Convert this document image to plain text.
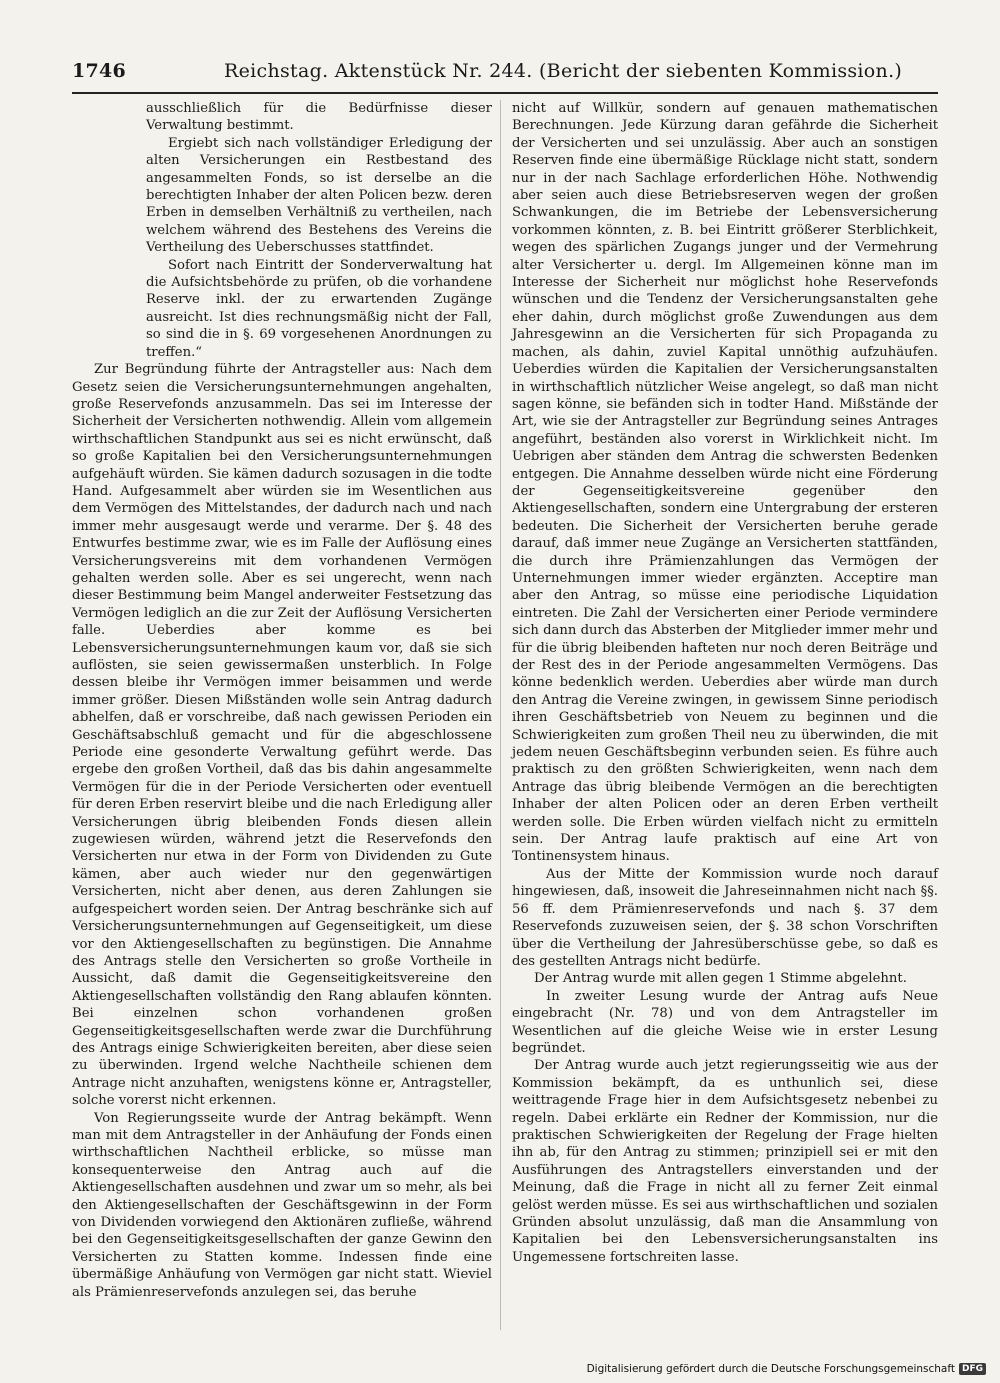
1746	Reichstag. Aktenstück Nr. 244. (Bericht der siebenten Kommission.)

ausschließlich für die Bedürfnisse dieser Verwaltung bestimmt.

Ergiebt sich nach vollständiger Erledigung der alten Versicherungen ein Restbestand des angesammelten Fonds, so ist derselbe an die berechtigten Inhaber der alten Policen bezw. deren Erben in demselben Verhältniß zu vertheilen, nach welchem während des Bestehens des Vereins die Vertheilung des Ueberschusses stattfindet.

Sofort nach Eintritt der Sonderverwaltung hat die Aufsichtsbehörde zu prüfen, ob die vorhandene Reserve inkl. der zu erwartenden Zugänge ausreicht. Ist dies rechnungsmäßig nicht der Fall, so sind die in §. 69 vorgesehenen Anordnungen zu treffen.“

Zur Begründung führte der Antragsteller aus: Nach dem Gesetz seien die Versicherungsunternehmungen angehalten, große Reservefonds anzusammeln. Das sei im Interesse der Sicherheit der Versicherten nothwendig. Allein vom allgemein wirthschaftlichen Standpunkt aus sei es nicht erwünscht, daß so große Kapitalien bei den Versicherungsunternehmungen aufgehäuft würden. Sie kämen dadurch sozusagen in die todte Hand. Aufgesammelt aber würden sie im Wesentlichen aus dem Vermögen des Mittelstandes, der dadurch nach und nach immer mehr ausgesaugt werde und verarme. Der §. 48 des Entwurfes bestimme zwar, wie es im Falle der Auflösung eines Versicherungsvereins mit dem vorhandenen Vermögen gehalten werden solle. Aber es sei ungerecht, wenn nach dieser Bestimmung beim Mangel anderweiter Festsetzung das Vermögen lediglich an die zur Zeit der Auflösung Versicherten falle. Ueberdies aber komme es bei Lebensversicherungsunternehmungen kaum vor, daß sie sich auflösten, sie seien gewissermaßen unsterblich. In Folge dessen bleibe ihr Vermögen immer beisammen und werde immer größer. Diesen Mißständen wolle sein Antrag dadurch abhelfen, daß er vorschreibe, daß nach gewissen Perioden ein Geschäftsabschluß gemacht und für die abgeschlossene Periode eine gesonderte Verwaltung geführt werde. Das ergebe den großen Vortheil, daß das bis dahin angesammelte Vermögen für die in der Periode Versicherten oder eventuell für deren Erben reservirt bleibe und die nach Erledigung aller Versicherungen übrig bleibenden Fonds diesen allein zugewiesen würden, während jetzt die Reservefonds den Versicherten nur etwa in der Form von Dividenden zu Gute kämen, aber auch wieder nur den gegenwärtigen Versicherten, nicht aber denen, aus deren Zahlungen sie aufgespeichert worden seien. Der Antrag beschränke sich auf Versicherungsunternehmungen auf Gegenseitigkeit, um diese vor den Aktiengesellschaften zu begünstigen. Die Annahme des Antrags stelle den Versicherten so große Vortheile in Aussicht, daß damit die Gegenseitigkeitsvereine den Aktiengesellschaften vollständig den Rang ablaufen könnten. Bei einzelnen schon vorhandenen großen Gegenseitigkeitsgesellschaften werde zwar die Durchführung des Antrags einige Schwierigkeiten bereiten, aber diese seien zu überwinden. Irgend welche Nachtheile schienen dem Antrage nicht anzuhaften, wenigstens könne er, Antragsteller, solche vorerst nicht erkennen.

Von Regierungsseite wurde der Antrag bekämpft. Wenn man mit dem Antragsteller in der Anhäufung der Fonds einen wirthschaftlichen Nachtheil erblicke, so müsse man konsequenterweise den Antrag auch auf die Aktiengesellschaften ausdehnen und zwar um so mehr, als bei den Aktiengesellschaften der Geschäftsgewinn in der Form von Dividenden vorwiegend den Aktionären zufließe, während bei den Gegenseitigkeitsgesellschaften der ganze Gewinn den Versicherten zu Statten komme. Indessen finde eine übermäßige Anhäufung von Vermögen gar nicht statt. Wieviel als Prämienreservefonds anzulegen sei, das beruhe

nicht auf Willkür, sondern auf genauen mathematischen Berechnungen. Jede Kürzung daran gefährde die Sicherheit der Versicherten und sei unzulässig. Aber auch an sonstigen Reserven finde eine übermäßige Rücklage nicht statt, sondern nur in der nach Sachlage erforderlichen Höhe. Nothwendig aber seien auch diese Betriebsreserven wegen der großen Schwankungen, die im Betriebe der Lebensversicherung vorkommen könnten, z. B. bei Eintritt größerer Sterblichkeit, wegen des spärlichen Zugangs junger und der Vermehrung alter Versicherter u. dergl. Im Allgemeinen könne man im Interesse der Sicherheit nur möglichst hohe Reservefonds wünschen und die Tendenz der Versicherungsanstalten gehe eher dahin, durch möglichst große Zuwendungen aus dem Jahresgewinn an die Versicherten für sich Propaganda zu machen, als dahin, zuviel Kapital unnöthig aufzuhäufen. Ueberdies würden die Kapitalien der Versicherungsanstalten in wirthschaftlich nützlicher Weise angelegt, so daß man nicht sagen könne, sie befänden sich in todter Hand. Mißstände der Art, wie sie der Antragsteller zur Begründung seines Antrages angeführt, beständen also vorerst in Wirklichkeit nicht. Im Uebrigen aber ständen dem Antrag die schwersten Bedenken entgegen. Die Annahme desselben würde nicht eine Förderung der Gegenseitigkeitsvereine gegenüber den Aktiengesellschaften, sondern eine Untergrabung der ersteren bedeuten. Die Sicherheit der Versicherten beruhe gerade darauf, daß immer neue Zugänge an Versicherten stattfänden, die durch ihre Prämienzahlungen das Vermögen der Unternehmungen immer wieder ergänzten. Acceptire man aber den Antrag, so müsse eine periodische Liquidation eintreten. Die Zahl der Versicherten einer Periode vermindere sich dann durch das Absterben der Mitglieder immer mehr und für die übrig bleibenden hafteten nur noch deren Beiträge und der Rest des in der Periode angesammelten Vermögens. Das könne bedenklich werden. Ueberdies aber würde man durch den Antrag die Vereine zwingen, in gewissem Sinne periodisch ihren Geschäftsbetrieb von Neuem zu beginnen und die Schwierigkeiten zum großen Theil neu zu überwinden, die mit jedem neuen Geschäftsbeginn verbunden seien. Es führe auch praktisch zu den größten Schwierigkeiten, wenn nach dem Antrage das übrig bleibende Vermögen an die berechtigten Inhaber der alten Policen oder an deren Erben vertheilt werden solle. Die Erben würden vielfach nicht zu ermitteln sein. Der Antrag laufe praktisch auf eine Art von Tontinensystem hinaus.

Aus der Mitte der Kommission wurde noch darauf hingewiesen, daß, insoweit die Jahreseinnahmen nicht nach §§. 56 ff. dem Prämienreservefonds und nach §. 37 dem Reservefonds zuzuweisen seien, der §. 38 schon Vorschriften über die Vertheilung der Jahresüberschüsse gebe, so daß es des gestellten Antrags nicht bedürfe.

Der Antrag wurde mit allen gegen 1 Stimme abgelehnt.

In zweiter Lesung wurde der Antrag aufs Neue eingebracht (Nr. 78) und von dem Antragsteller im Wesentlichen auf die gleiche Weise wie in erster Lesung begründet.

Der Antrag wurde auch jetzt regierungsseitig wie aus der Kommission bekämpft, da es unthunlich sei, diese weittragende Frage hier in dem Aufsichtsgesetz nebenbei zu regeln. Dabei erklärte ein Redner der Kommission, nur die praktischen Schwierigkeiten der Regelung der Frage hielten ihn ab, für den Antrag zu stimmen; prinzipiell sei er mit den Ausführungen des Antragstellers einverstanden und der Meinung, daß die Frage in nicht all zu ferner Zeit einmal gelöst werden müsse. Es sei aus wirthschaftlichen und sozialen Gründen absolut unzulässig, daß man die Ansammlung von Kapitalien bei den Lebensversicherungsanstalten ins Ungemessene fortschreiten lasse.

Digitalisierung gefördert durch die Deutsche Forschungsgemeinschaft DFG
